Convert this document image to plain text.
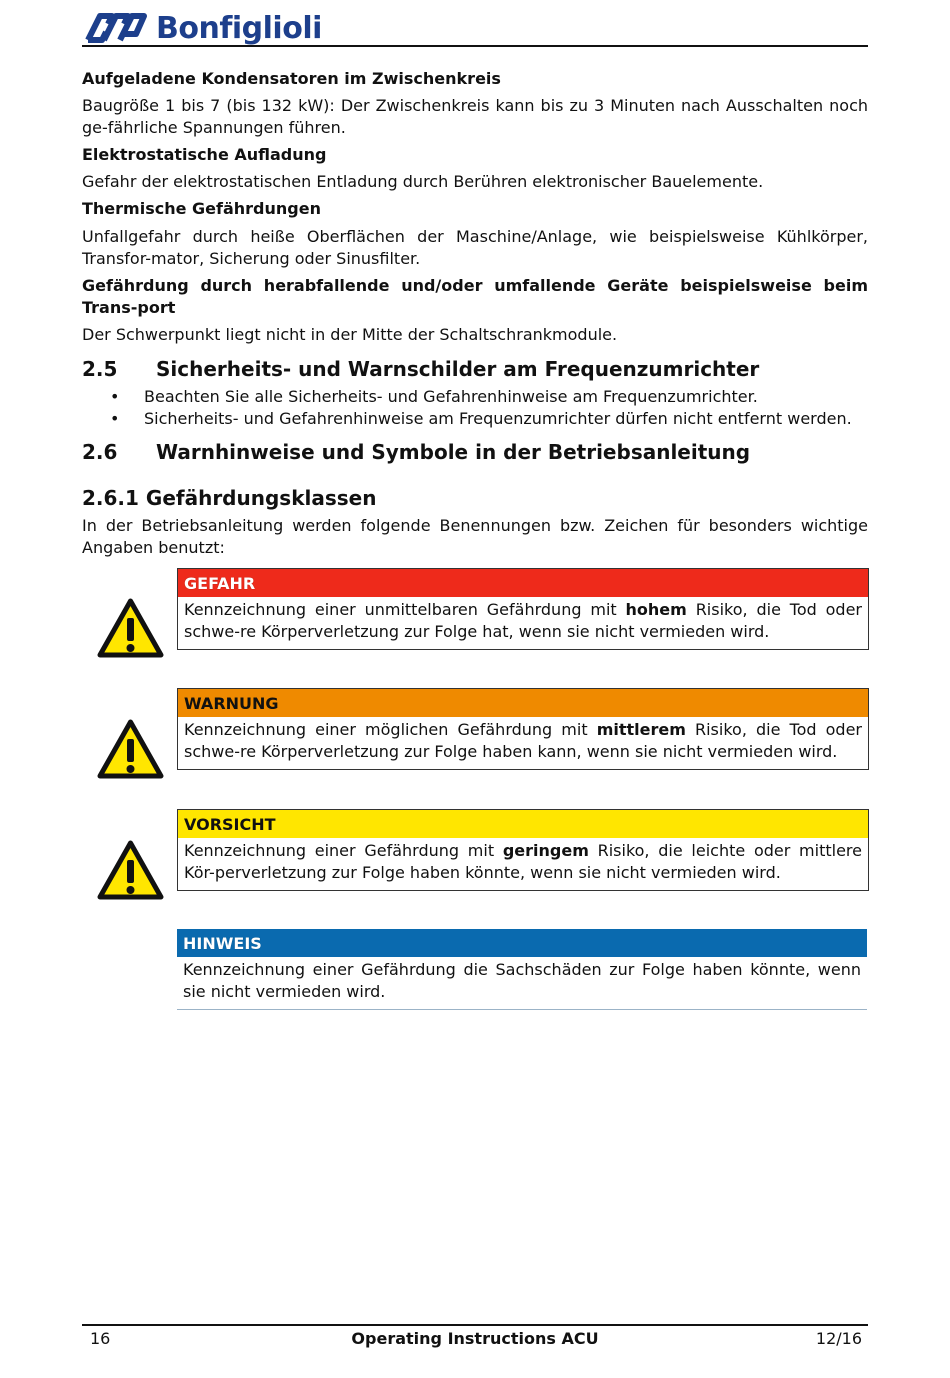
Bonfiglioli
Aufgeladene Kondensatoren im Zwischenkreis
Baugröße 1 bis 7 (bis 132 kW): Der Zwischenkreis kann bis zu 3 Minuten nach Ausschalten noch ge-fährliche Spannungen führen.
Elektrostatische Aufladung
Gefahr der elektrostatischen Entladung durch Berühren elektronischer Bauelemente.
Thermische Gefährdungen
Unfallgefahr durch heiße Oberflächen der Maschine/Anlage, wie beispielsweise Kühlkörper, Transfor-mator, Sicherung oder Sinusfilter.
Gefährdung durch herabfallende und/oder umfallende Geräte beispielsweise beim Trans-port
Der Schwerpunkt liegt nicht in der Mitte der Schaltschrankmodule.
2.5 Sicherheits- und Warnschilder am Frequenzumrichter
• Beachten Sie alle Sicherheits- und Gefahrenhinweise am Frequenzumrichter.
• Sicherheits- und Gefahrenhinweise am Frequenzumrichter dürfen nicht entfernt werden.
2.6 Warnhinweise und Symbole in der Betriebsanleitung
2.6.1 Gefährdungsklassen
In der Betriebsanleitung werden folgende Benennungen bzw. Zeichen für besonders wichtige Angaben benutzt:
GEFAHR
Kennzeichnung einer unmittelbaren Gefährdung mit hohem Risiko, die Tod oder schwe-re Körperverletzung zur Folge hat, wenn sie nicht vermieden wird.
WARNUNG
Kennzeichnung einer möglichen Gefährdung mit mittlerem Risiko, die Tod oder schwe-re Körperverletzung zur Folge haben kann, wenn sie nicht vermieden wird.
VORSICHT
Kennzeichnung einer Gefährdung mit geringem Risiko, die leichte oder mittlere Kör-perverletzung zur Folge haben könnte, wenn sie nicht vermieden wird.
HINWEIS
Kennzeichnung einer Gefährdung die Sachschäden zur Folge haben könnte, wenn sie nicht vermieden wird.
16	Operating Instructions ACU	12/16
